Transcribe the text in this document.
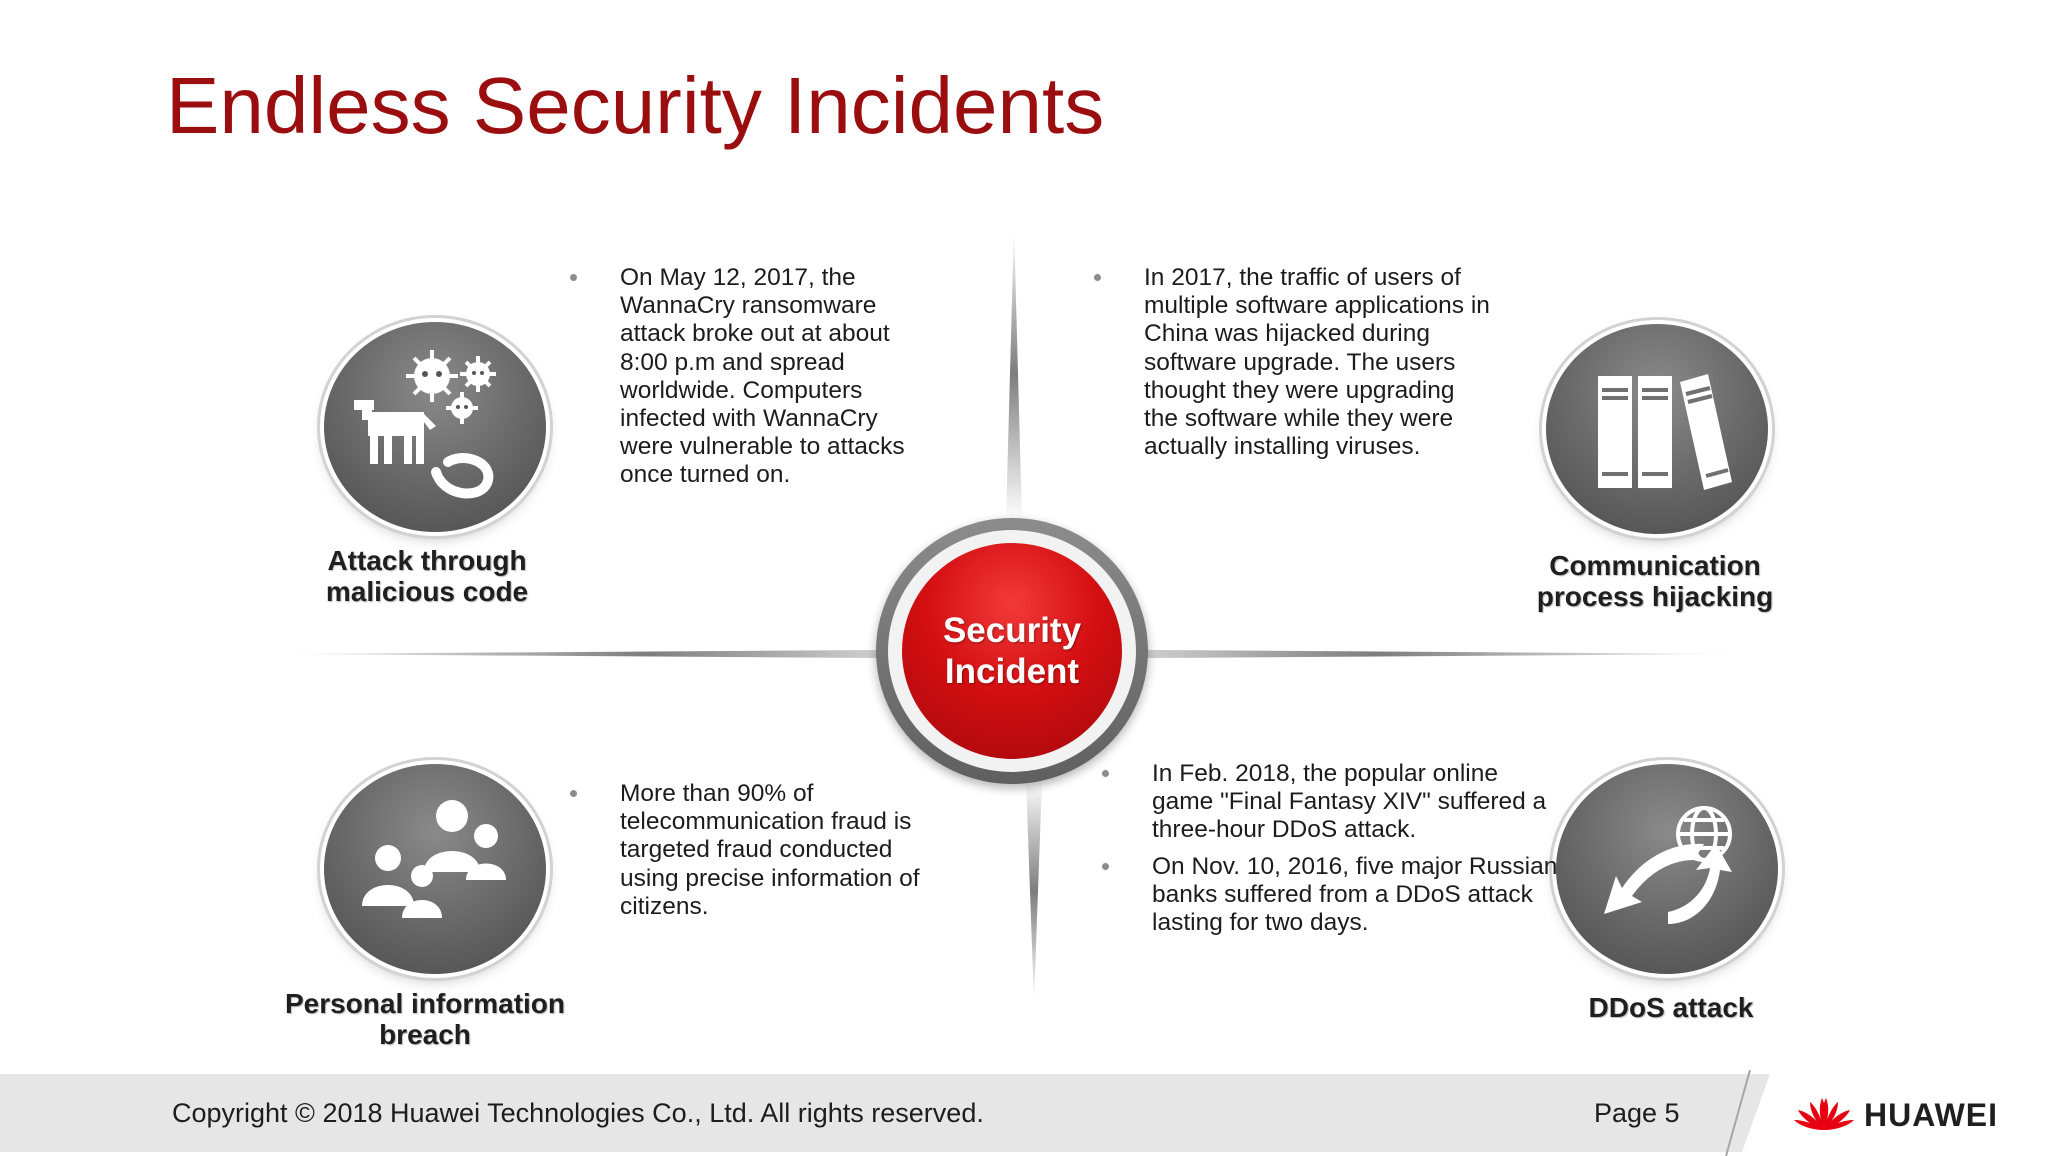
Endless Security Incidents
Security
Incident
Attack through
malicious code
Communication
process hijacking
Personal information
breach
DDoS attack
On May 12, 2017, the WannaCry ransomware attack broke out at about 8:00 p.m and spread worldwide. Computers infected with WannaCry were vulnerable to attacks once turned on.
In 2017, the traffic of users of multiple software applications in China was hijacked during software upgrade. The users thought they were upgrading the software while they were actually installing viruses.
More than 90% of telecommunication fraud is targeted fraud conducted using precise information of citizens.
In Feb. 2018, the popular online game "Final Fantasy XIV" suffered a three-hour DDoS attack.
On Nov. 10, 2016, five major Russian banks suffered from a DDoS attack lasting for two days.
Copyright © 2018 Huawei Technologies Co., Ltd. All rights reserved.	Page 5	HUAWEI
